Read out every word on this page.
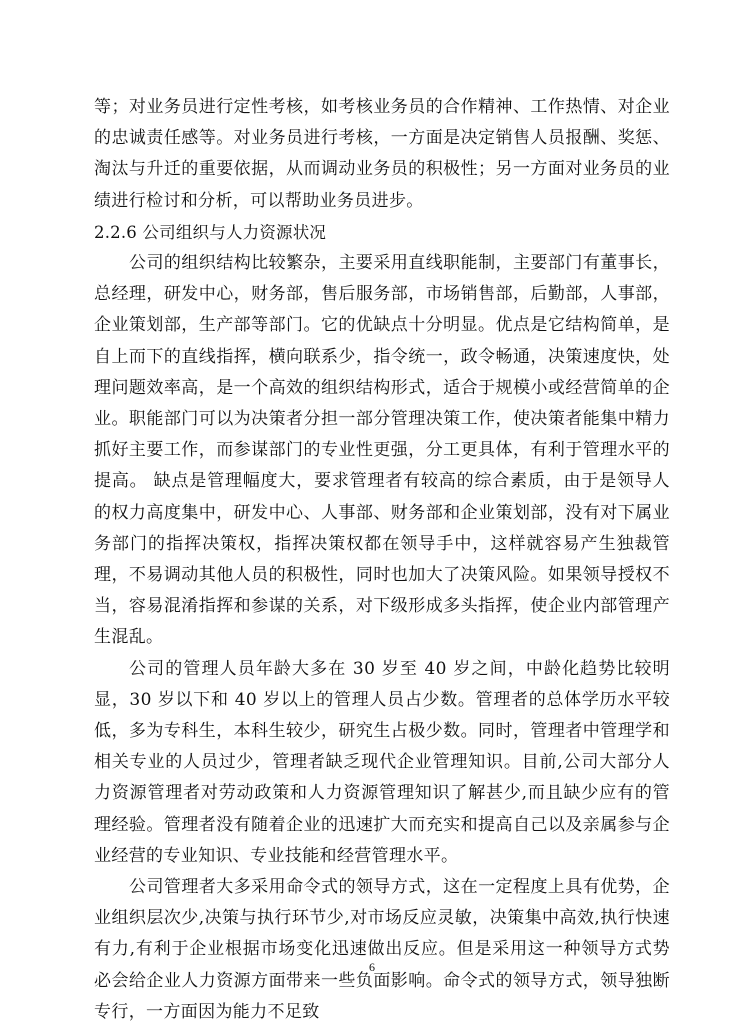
等；对业务员进行定性考核，如考核业务员的合作精神、工作热情、对企业的忠诚责任感等。对业务员进行考核，一方面是决定销售人员报酬、奖惩、淘汰与升迁的重要依据，从而调动业务员的积极性；另一方面对业务员的业绩进行检讨和分析，可以帮助业务员进步。

2.2.6 公司组织与人力资源状况

公司的组织结构比较繁杂，主要采用直线职能制，主要部门有董事长，总经理，研发中心，财务部，售后服务部，市场销售部，后勤部，人事部，企业策划部，生产部等部门。它的优缺点十分明显。优点是它结构简单，是自上而下的直线指挥，横向联系少，指令统一，政令畅通，决策速度快，处理问题效率高，是一个高效的组织结构形式，适合于规模小或经营简单的企业。职能部门可以为决策者分担一部分管理决策工作，使决策者能集中精力抓好主要工作，而参谋部门的专业性更强，分工更具体，有利于管理水平的提高。 缺点是管理幅度大，要求管理者有较高的综合素质，由于是领导人的权力高度集中，研发中心、人事部、财务部和企业策划部，没有对下属业务部门的指挥决策权，指挥决策权都在领导手中，这样就容易产生独裁管理，不易调动其他人员的积极性，同时也加大了决策风险。如果领导授权不当，容易混淆指挥和参谋的关系，对下级形成多头指挥，使企业内部管理产生混乱。

公司的管理人员年龄大多在 30 岁至 40 岁之间，中龄化趋势比较明显，30 岁以下和 40 岁以上的管理人员占少数。管理者的总体学历水平较低，多为专科生，本科生较少，研究生占极少数。同时，管理者中管理学和相关专业的人员过少，管理者缺乏现代企业管理知识。目前,公司大部分人力资源管理者对劳动政策和人力资源管理知识了解甚少,而且缺少应有的管理经验。管理者没有随着企业的迅速扩大而充实和提高自己以及亲属参与企业经营的专业知识、专业技能和经营管理水平。

公司管理者大多采用命令式的领导方式，这在一定程度上具有优势，企业组织层次少,决策与执行环节少,对市场反应灵敏，决策集中高效,执行快速有力,有利于企业根据市场变化迅速做出反应。但是采用这一种领导方式势必会给企业人力资源方面带来一些负面影响。命令式的领导方式，领导独断专行，一方面因为能力不足致

6
